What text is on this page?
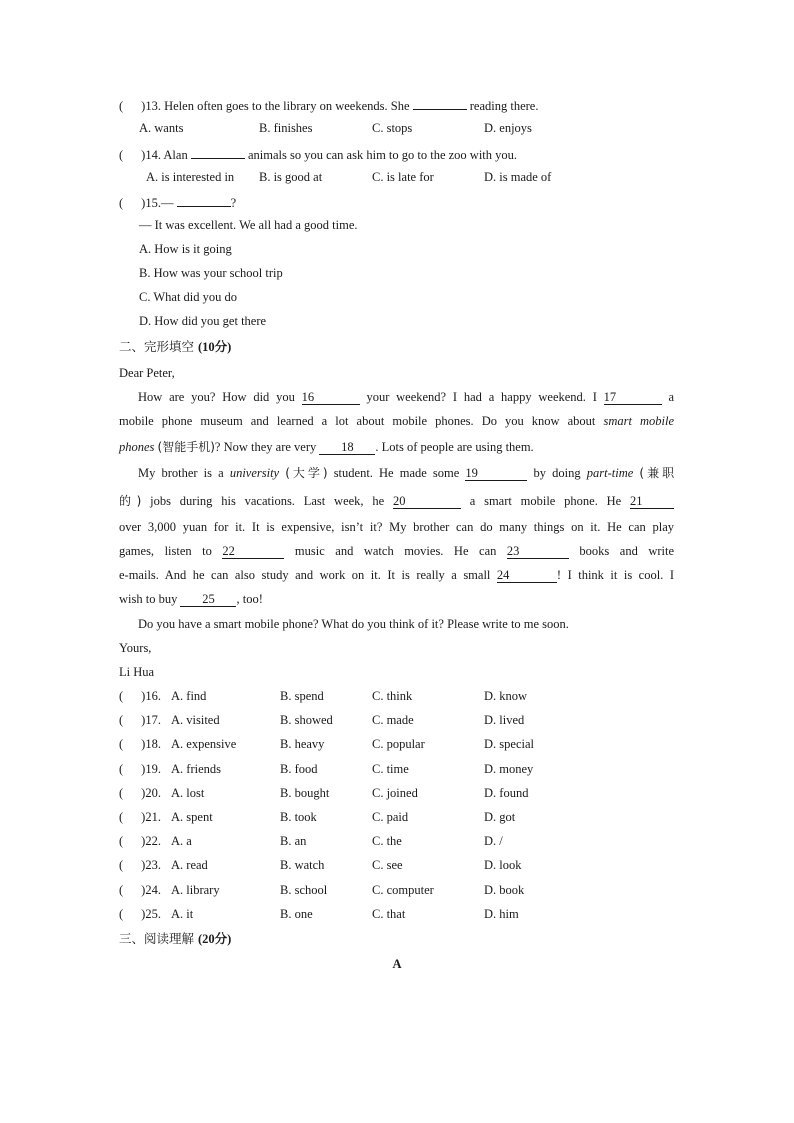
( )13. Helen often goes to the library on weekends. She	reading there.
A. wants	B. finishes	C. stops	D. enjoys
( )14. Alan	animals so you can ask him to go to the zoo with you.
A. is interested in B. is good at	C. is late for	D. is made of
( )15.—	?
— It was excellent. We all had a good time.
A. How is it going
B. How was your school trip
C. What did you do
D. How did you get there
二、完形填空 (10分)
Dear Peter,
How are you? How did you 16	your weekend? I had a happy weekend. I 17	a
mobile phone museum and learned a lot about mobile phones. Do you know about smart mobile
phones (智能手机)? Now they are very 18 . Lots of people are using them.
My brother is a university (大学) student. He made some 19	by doing part-time (兼职
的) jobs during his vacations. Last week, he 20	a smart mobile phone. He 21
over 3,000 yuan for it. It is expensive, isn’t it? My brother can do many things on it. He can play
games, listen to 22	music and watch movies. He can 23	books and write
e-mails. And he can also study and work on it. It is really a small 24	! I think it is cool. I
wish to buy 25 , too!
Do you have a smart mobile phone? What do you think of it? Please write to me soon.
Yours,
Li Hua
( )16. A. find	B. spend	C. think	D. know
( )17. A. visited	B. showed	C. made	D. lived
( )18. A. expensive	B. heavy	C. popular	D. special
( )19. A. friends	B. food	C. time	D. money
( )20. A. lost	B. bought	C. joined	D. found
( )21. A. spent	B. took	C. paid	D. got
( )22. A. a	B. an	C. the	D. /
( )23. A. read	B. watch	C. see	D. look
( )24. A. library	B. school	C. computer	D. book
( )25. A. it	B. one	C. that	D. him
三、阅读理解 (20分)
A
